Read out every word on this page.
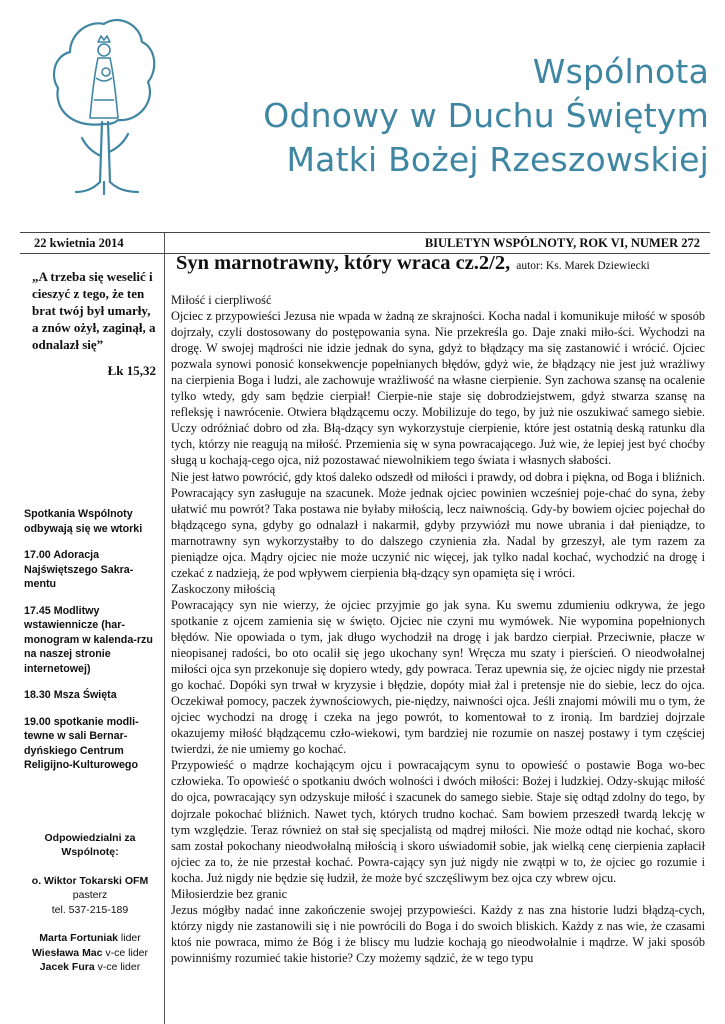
Wspólnota
Odnowy w Duchu Świętym
Matki Bożej Rzeszowskiej
22 kwietnia 2014	BIULETYN WSPÓLNOTY, ROK VI, NUMER 272
„A trzeba się weselić i cieszyć z tego, że ten brat twój był umarły, a znów ożył, zaginął, a odnalazł się”
Łk 15,32
Spotkania Wspólnoty odbywają się we wtorki
17.00 Adoracja Najświętszego Sakra-mentu
17.45 Modlitwy wstawiennicze (har-monogram w kalenda-rzu na naszej stronie internetowej)
18.30 Msza Święta
19.00 spotkanie modli-tewne w sali Bernar-dyńskiego Centrum Religijno-Kulturowego
Odpowiedzialni za Wspólnotę:
o. Wiktor Tokarski OFM
pasterz
tel. 537-215-189
Marta Fortuniak lider
Wiesława Mac v-ce lider
Jacek Fura v-ce lider
Syn marnotrawny, który wraca cz.2/2, autor: Ks. Marek Dziewiecki

Miłość i cierpliwość

Ojciec z przypowieści Jezusa nie wpada w żadną ze skrajności. Kocha nadal i komunikuje miłość w sposób dojrzały, czyli dostosowany do postępowania syna. Nie przekreśla go. Daje znaki miło-ści. Wychodzi na drogę. W swojej mądrości nie idzie jednak do syna, gdyż to błądzący ma się zastanowić i wrócić. Ojciec pozwala synowi ponosić konsekwencje popełnianych błędów, gdyż wie, że błądzący nie jest już wrażliwy na cierpienia Boga i ludzi, ale zachowuje wrażliwość na własne cierpienie. Syn zachowa szansę na ocalenie tylko wtedy, gdy sam będzie cierpiał! Cierpie-nie staje się dobrodziejstwem, gdyż stwarza szansę na refleksję i nawrócenie. Otwiera błądzącemu oczy. Mobilizuje do tego, by już nie oszukiwać samego siebie. Uczy odróżniać dobro od zła. Błą-dzący syn wykorzystuje cierpienie, które jest ostatnią deską ratunku dla tych, którzy nie reagują na miłość. Przemienia się w syna powracającego. Już wie, że lepiej jest być choćby sługą u kochają-cego ojca, niż pozostawać niewolnikiem tego świata i własnych słabości.

Nie jest łatwo powrócić, gdy ktoś daleko odszedł od miłości i prawdy, od dobra i piękna, od Boga i bliźnich. Powracający syn zasługuje na szacunek. Może jednak ojciec powinien wcześniej poje-chać do syna, żeby ułatwić mu powrót? Taka postawa nie byłaby miłością, lecz naiwnością. Gdy-by bowiem ojciec pojechał do błądzącego syna, gdyby go odnalazł i nakarmił, gdyby przywiózł mu nowe ubrania i dał pieniądze, to marnotrawny syn wykorzystałby to do dalszego czynienia zła. Nadal by grzeszył, ale tym razem za pieniądze ojca. Mądry ojciec nie może uczynić nic więcej, jak tylko nadal kochać, wychodzić na drogę i czekać z nadzieją, że pod wpływem cierpienia błą-dzący syn opamięta się i wróci.

Zaskoczony miłością

Powracający syn nie wierzy, że ojciec przyjmie go jak syna. Ku swemu zdumieniu odkrywa, że jego spotkanie z ojcem zamienia się w święto. Ojciec nie czyni mu wymówek. Nie wypomina popełnionych błędów. Nie opowiada o tym, jak długo wychodził na drogę i jak bardzo cierpiał. Przeciwnie, płacze w nieopisanej radości, bo oto ocalił się jego ukochany syn! Wręcza mu szaty i pierścień. O nieodwołalnej miłości ojca syn przekonuje się dopiero wtedy, gdy powraca. Teraz upewnia się, że ojciec nigdy nie przestał go kochać. Dopóki syn trwał w kryzysie i błędzie, dopóty miał żal i pretensje nie do siebie, lecz do ojca. Oczekiwał pomocy, paczek żywnościowych, pie-niędzy, naiwności ojca. Jeśli znajomi mówili mu o tym, że ojciec wychodzi na drogę i czeka na jego powrót, to komentował to z ironią. Im bardziej dojrzale okazujemy miłość błądzącemu czło-wiekowi, tym bardziej nie rozumie on naszej postawy i tym częściej twierdzi, że nie umiemy go kochać.

Przypowieść o mądrze kochającym ojcu i powracającym synu to opowieść o postawie Boga wo-bec człowieka. To opowieść o spotkaniu dwóch wolności i dwóch miłości: Bożej i ludzkiej. Odzy-skując miłość do ojca, powracający syn odzyskuje miłość i szacunek do samego siebie. Staje się odtąd zdolny do tego, by dojrzale pokochać bliźnich. Nawet tych, których trudno kochać. Sam bowiem przeszedł twardą lekcję w tym względzie. Teraz również on stał się specjalistą od mądrej miłości. Nie może odtąd nie kochać, skoro sam został pokochany nieodwołalną miłością i skoro uświadomił sobie, jak wielką cenę cierpienia zapłacił ojciec za to, że nie przestał kochać. Powra-cający syn już nigdy nie zwątpi w to, że ojciec go rozumie i kocha. Już nigdy nie będzie się łudził, że może być szczęśliwym bez ojca czy wbrew ojcu.

Miłosierdzie bez granic

Jezus mógłby nadać inne zakończenie swojej przypowieści. Każdy z nas zna historie ludzi błądzą-cych, którzy nigdy nie zastanowili się i nie powrócili do Boga i do swoich bliskich. Każdy z nas wie, że czasami ktoś nie powraca, mimo że Bóg i że bliscy mu ludzie kochają go nieodwołalnie i mądrze. W jaki sposób powinniśmy rozumieć takie historie? Czy możemy sądzić, że w tego typu
